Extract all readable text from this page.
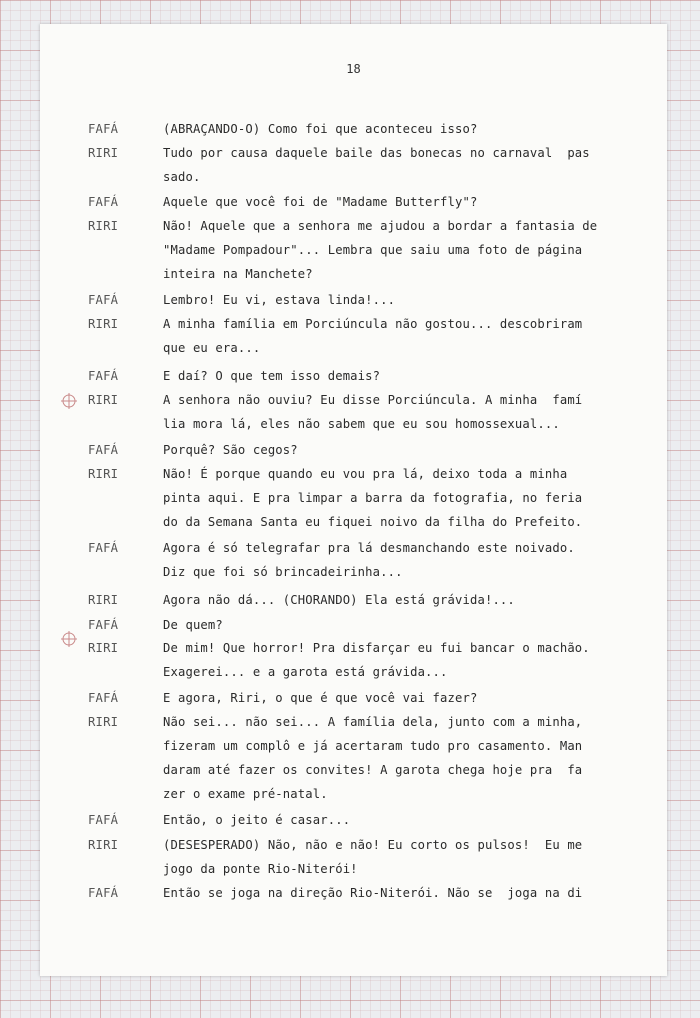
18
FAFÁ	(ABRAÇANDO-O) Como foi que aconteceu isso?
RIRI	Tudo por causa daquele baile das bonecas no carnaval  pas
sado.
FAFÁ	Aquele que você foi de "Madame Butterfly"?
RIRI	Não! Aquele que a senhora me ajudou a bordar a fantasia de
"Madame Pompadour"... Lembra que saiu uma foto de página
inteira na Manchete?
FAFÁ	Lembro! Eu vi, estava linda!...
RIRI	A minha família em Porciúncula não gostou... descobriram
que eu era...
FAFÁ	E daí? O que tem isso demais?
RIRI	A senhora não ouviu? Eu disse Porciúncula. A minha  famí
lia mora lá, eles não sabem que eu sou homossexual...
FAFÁ	Porquê? São cegos?
RIRI	Não! É porque quando eu vou pra lá, deixo toda a minha
pinta aqui. E pra limpar a barra da fotografia, no feria
do da Semana Santa eu fiquei noivo da filha do Prefeito.
FAFÁ	Agora é só telegrafar pra lá desmanchando este noivado.
Diz que foi só brincadeirinha...
RIRI	Agora não dá... (CHORANDO) Ela está grávida!...
FAFÁ	De quem?
RIRI	De mim! Que horror! Pra disfarçar eu fui bancar o machão.
Exagerei... e a garota está grávida...
FAFÁ	E agora, Riri, o que é que você vai fazer?
RIRI	Não sei... não sei... A família dela, junto com a minha,
fizeram um complô e já acertaram tudo pro casamento. Man
daram até fazer os convites! A garota chega hoje pra  fa
zer o exame pré-natal.
FAFÁ	Então, o jeito é casar...
RIRI	(DESESPERADO) Não, não e não! Eu corto os pulsos!  Eu me
jogo da ponte Rio-Niterói!
FAFÁ	Então se joga na direção Rio-Niterói. Não se  joga na di
